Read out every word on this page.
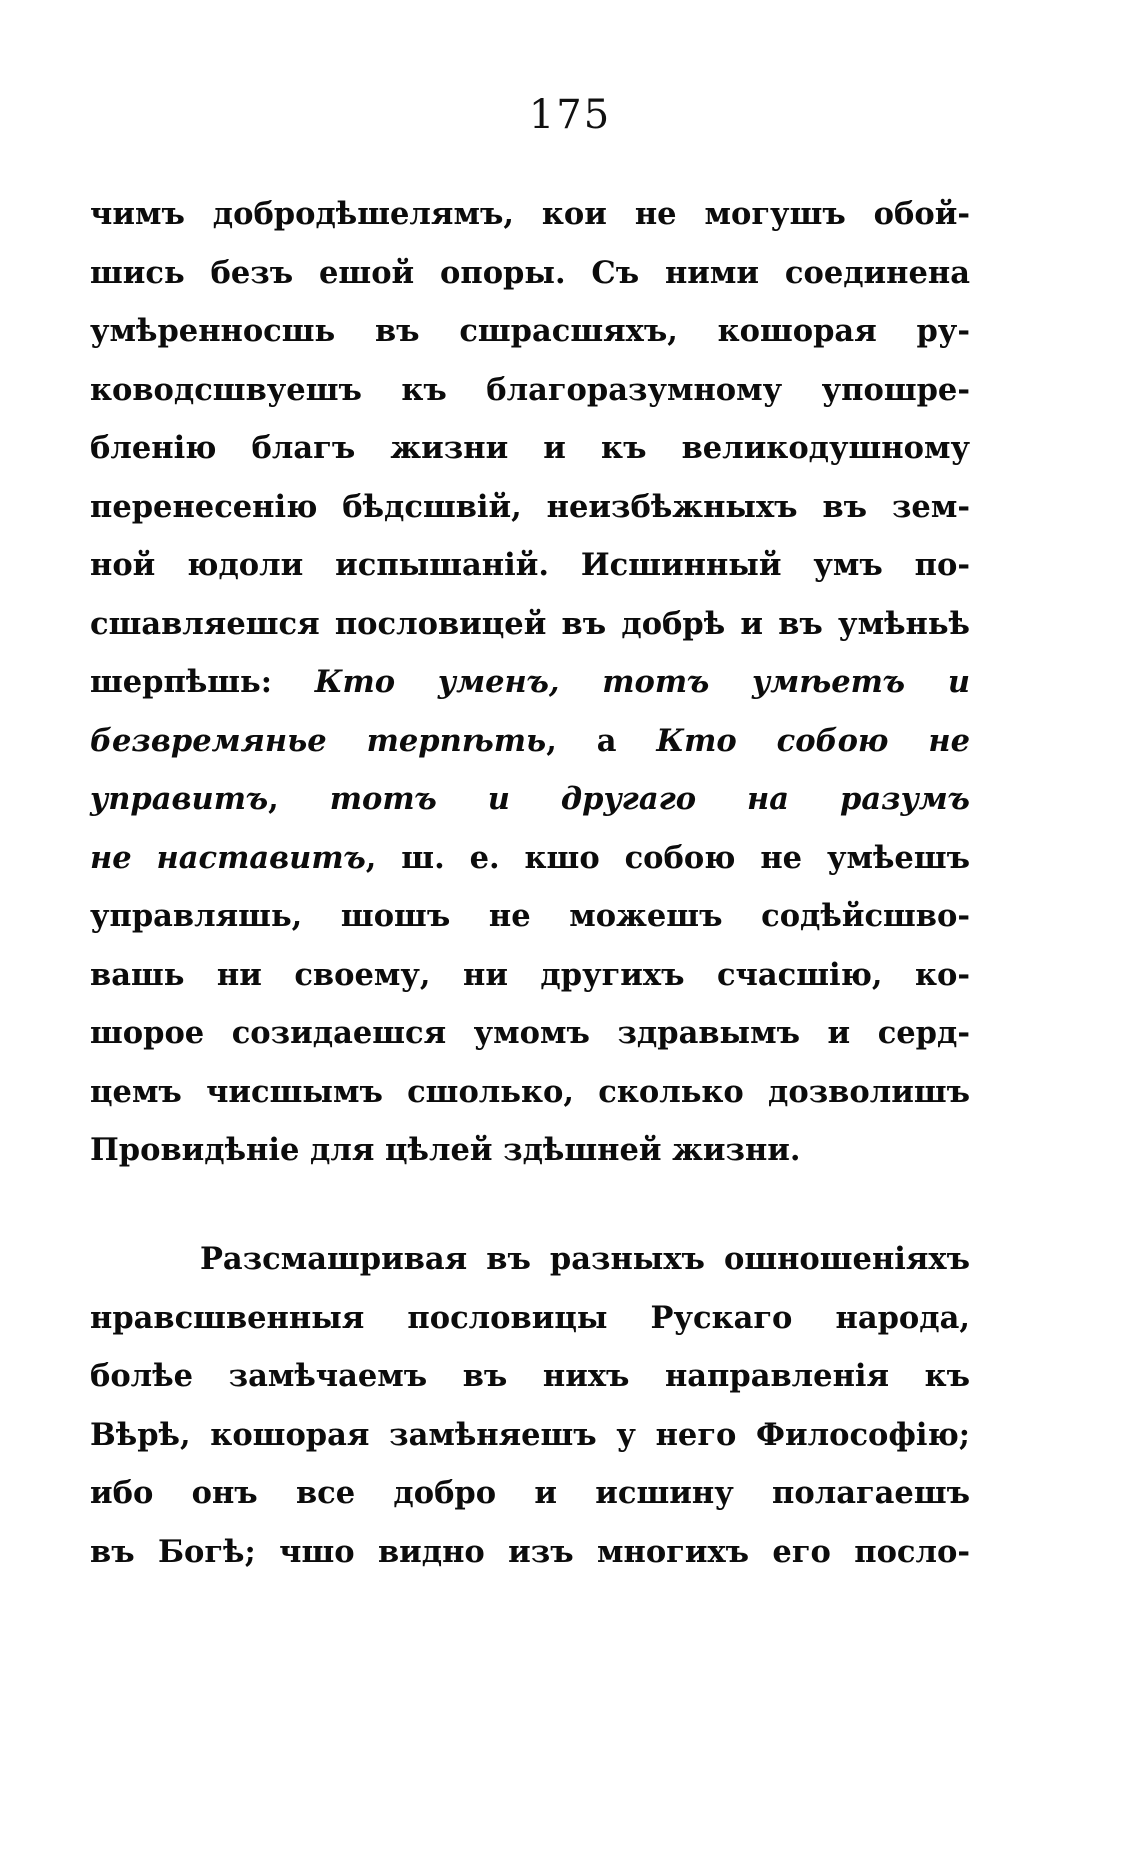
175
чимъ добродѣшелямъ, кои не могушъ обой-
шись безъ ешой опоры. Съ ними соединена
умѣренносшь въ сшрасшяхъ, кошорая ру-
ководсшвуешъ къ благоразумному упошре-
бленію благъ жизни и къ великодушному
перенесенію бѣдсшвій, неизбѣжныхъ въ зем-
ной юдоли испышаній. Исшинный умъ по-
сшавляешся пословицей въ добрѣ и въ умѣньѣ
шерпѣшь: Кто уменъ, тотъ умѣетъ и
безвремянье терпѣть, а Кто собою не
управитъ, тотъ и другаго на разумъ
не наставитъ, ш. е. кшо собою не умѣешъ
управляшь, шошъ не можешъ содѣйсшво-
вашь ни своему, ни другихъ счасшію, ко-
шорое созидаешся умомъ здравымъ и серд-
цемъ чисшымъ сшолько, сколько дозволишъ
Провидѣніе для цѣлей здѣшней жизни.
Разсмашривая въ разныхъ ошношеніяхъ
нравсшвенныя пословицы Рускаго народа,
болѣе замѣчаемъ въ нихъ направленія къ
Вѣрѣ, кошорая замѣняешъ у него Философію;
ибо онъ все добро и исшину полагаешъ
въ Богѣ; чшо видно изъ многихъ его посло-
